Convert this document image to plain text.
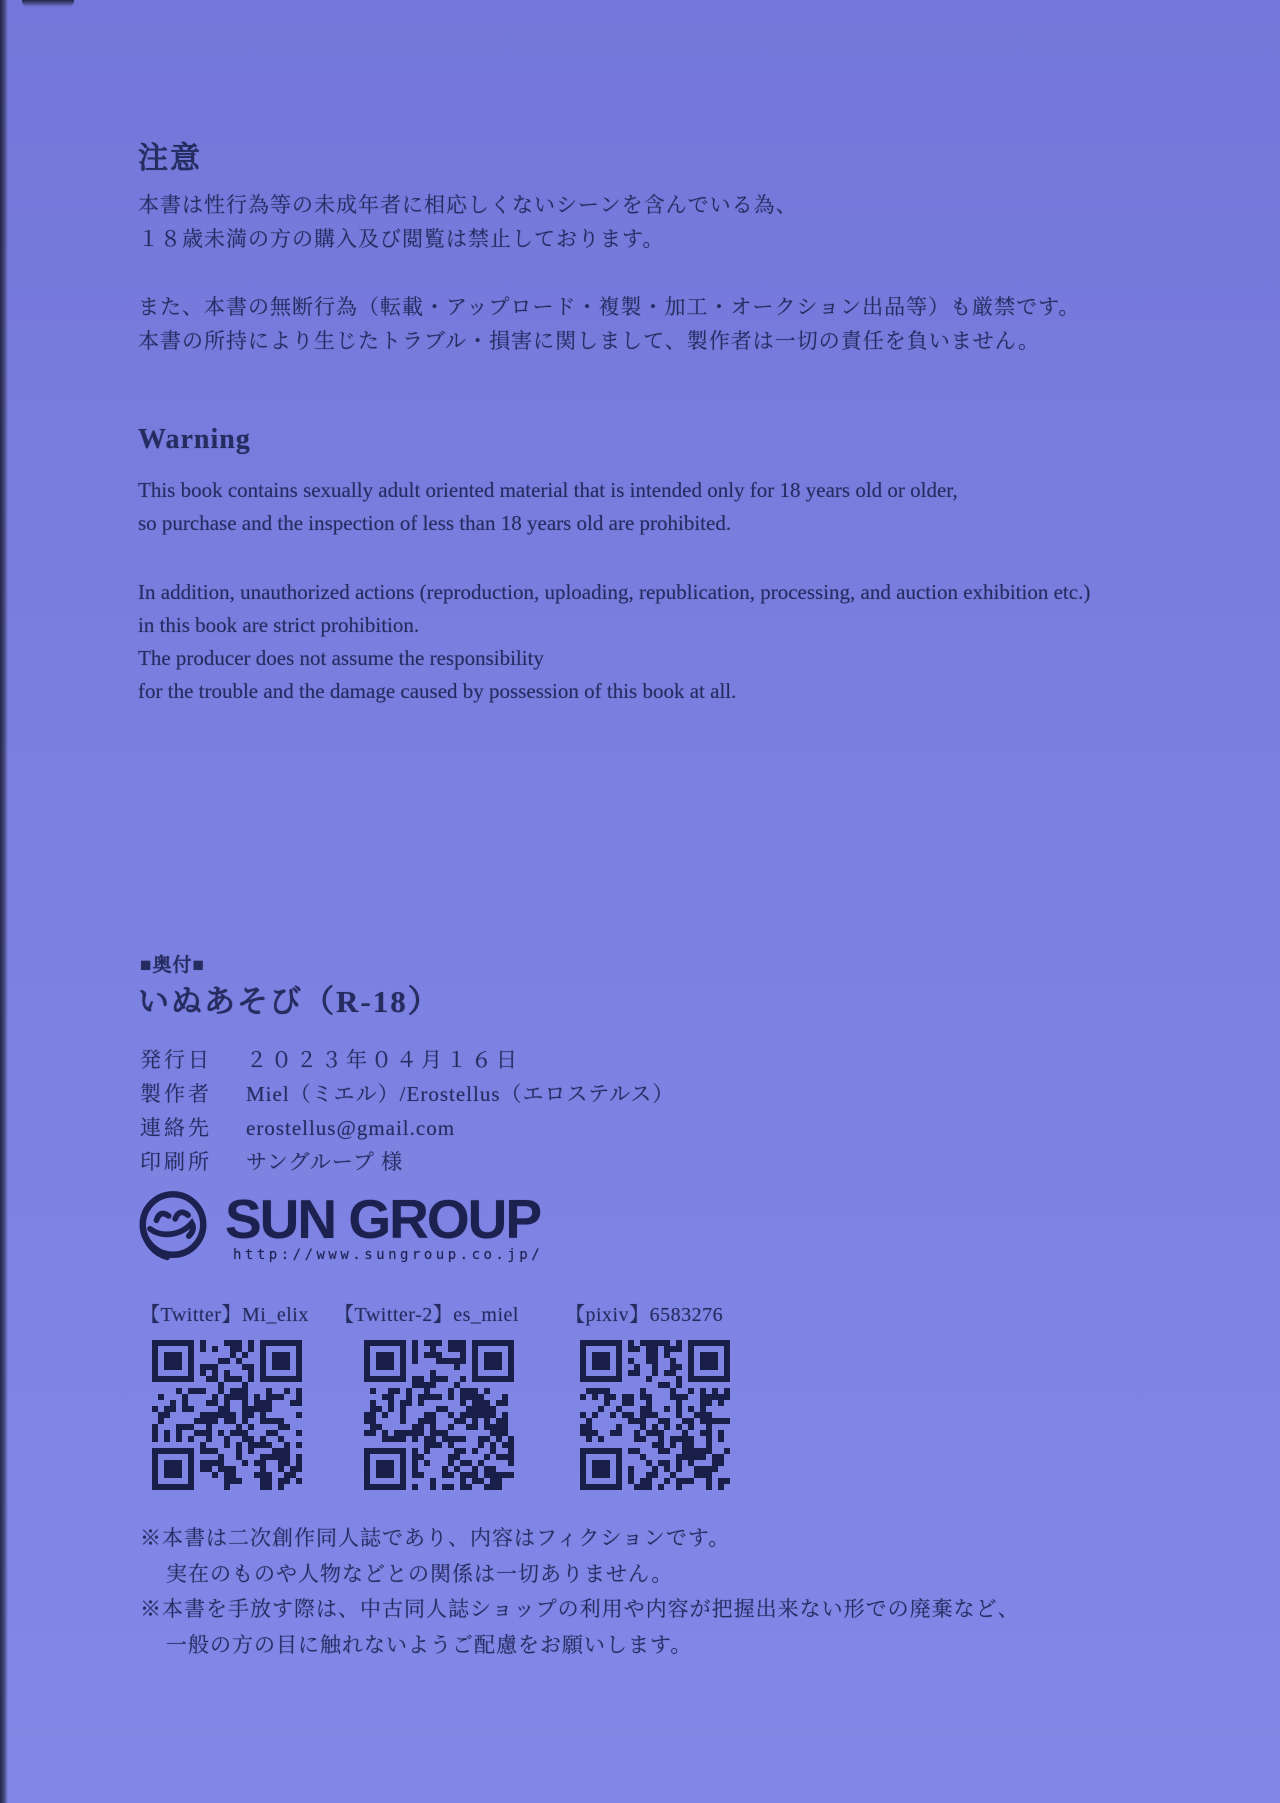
注意
本書は性行為等の未成年者に相応しくないシーンを含んでいる為、
１８歳未満の方の購入及び閲覧は禁止しております。
また、本書の無断行為（転載・アップロード・複製・加工・オークション出品等）も厳禁です。
本書の所持により生じたトラブル・損害に関しまして、製作者は一切の責任を負いません。
Warning
This book contains sexually adult oriented material that is intended only for 18 years old or older,
so purchase and the inspection of less than 18 years old are prohibited.
In addition, unauthorized actions (reproduction, uploading, republication, processing, and auction exhibition etc.)
in this book are strict prohibition.
The producer does not assume the responsibility
for the trouble and the damage caused by possession of this book at all.
■奥付■
いぬあそび（R-18）
発行日 ２０２３年０４月１６日
製作者 Miel（ミエル）/Erostellus（エロステルス）
連絡先 erostellus@gmail.com
印刷所 サングループ 様
SUN GROUP
http://www.sungroup.co.jp/
【Twitter】Mi_elix 【Twitter-2】es_miel 【pixiv】6583276
※本書は二次創作同人誌であり、内容はフィクションです。
実在のものや人物などとの関係は一切ありません。
※本書を手放す際は、中古同人誌ショップの利用や内容が把握出来ない形での廃棄など、
一般の方の目に触れないようご配慮をお願いします。
